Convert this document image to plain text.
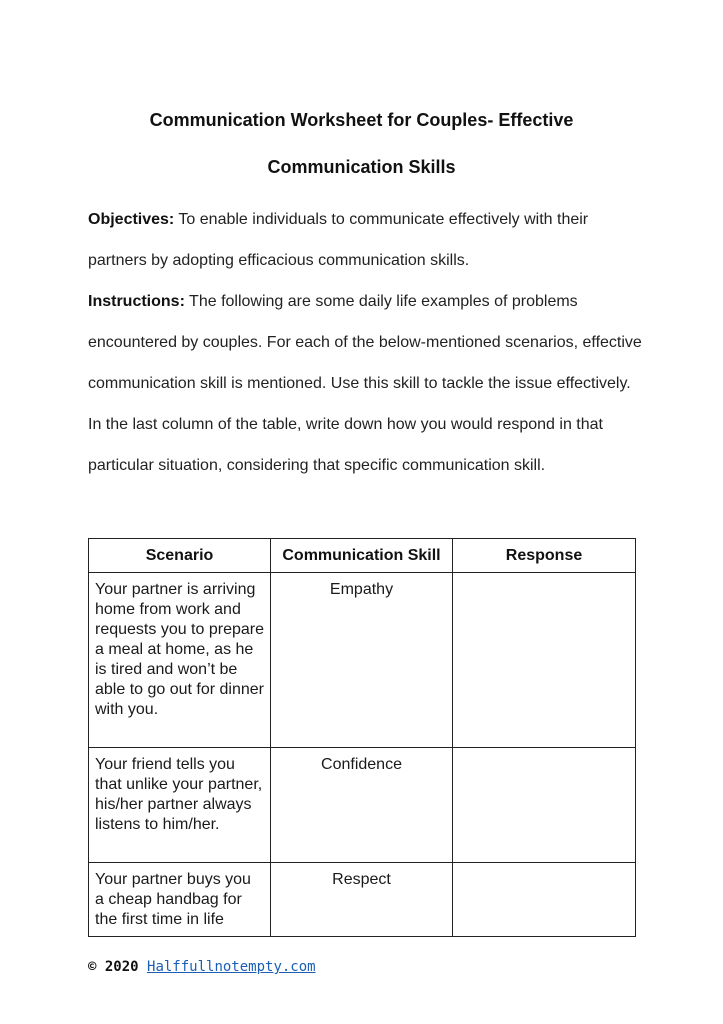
Communication Worksheet for Couples- Effective
Communication Skills
Objectives: To enable individuals to communicate effectively with their partners by adopting efficacious communication skills.
Instructions: The following are some daily life examples of problems encountered by couples. For each of the below-mentioned scenarios, effective communication skill is mentioned. Use this skill to tackle the issue effectively. In the last column of the table, write down how you would respond in that particular situation, considering that specific communication skill.
Scenario	Communication Skill	Response

Your partner is arriving home from work and requests you to prepare a meal at home, as he is tired and won’t be able to go out for dinner with you.	Empathy	

Your friend tells you that unlike your partner, his/her partner always listens to him/her.	Confidence	

Your partner buys you a cheap handbag for the first time in life	Respect	

© 2020 Halffullnotempty.com
